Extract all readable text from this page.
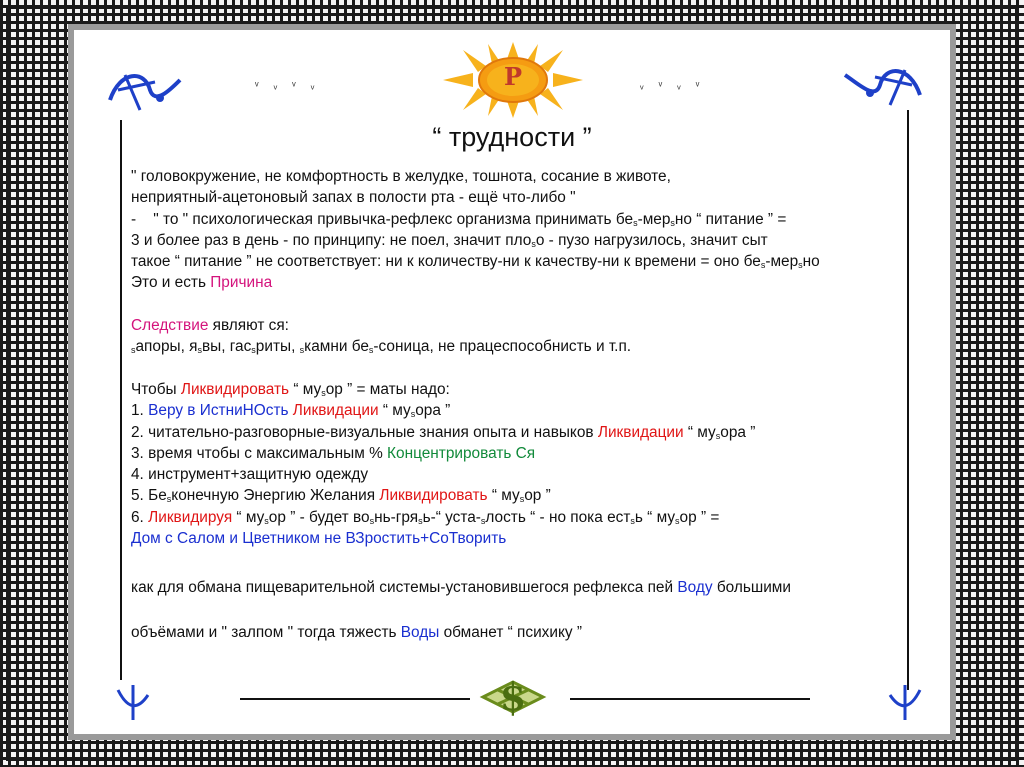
ᵛ ᵥ ᵛ ᵥ	ᵥ ᵛ ᵥ ᵛ
P
“ трудности ”
" головокружение, не комфортность в желудке, тошнота, сосание в животе,
неприятный-ацетоновый запах в полости рта - ещё что-либо "
-    " то " психологическая привычка-рефлекс организма принимать $бе_s-мер_sно$ “ питание ” =
3 и более раз в день - по принципу: не поел, значит пло$_s$о - пузо нагрузилось, значит сыт
такое “ питание ” не соответствует: ни к количеству-ни к качеству-ни к времени = оно $бе_s-мер_sно$
Это и есть Причина
Следствие являют ся:
$_s$апоры, $я_sвы$, гас$_s$риты, $_s$камни $бе_s$-соница, не працеспособнисть и т.п.
Чтобы Ликвидировать “ $му_sор$ ” = маты надо:
1. Веру в ИстниНОсть Ликвидации “ $му_sора$ ”
2. читательно-разговорные-визуальные знания опыта и навыков Ликвидации “ $му_sора$ ”
3. время чтобы с максимальным % Концентрировать Ся
4. инструмент+защитную одежду
5. $Бе_sконечную$ Энергию Желания Ликвидировать “ $му_sор$ ”
6. Ликвидируя “ $му_sор$ ” - будет $во_sнь-гря_sь-“$ уста-$_sлость$ “ - но пока ест$_s$ь “ $му_sор$ ” =
Дом с Салом и Цветником не ВЗростить+СоТворить
как для обмана пищеварительной системы-установившегося рефлекса пей Воду большими
объёмами и " залпом " тогда тяжесть Воды обманет “ психику ”
$
